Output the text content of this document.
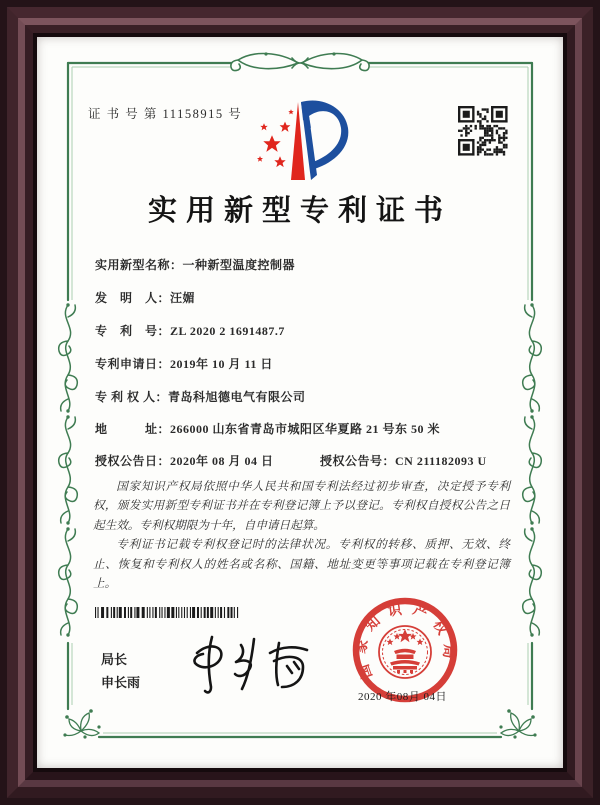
证 书 号 第 11158915 号
实用新型专利证书
实用新型名称：一种新型温度控制器
发　明　人：汪媚
专　利　号：ZL 2020 2 1691487.7
专利申请日：2019年 10 月 11 日
专 利 权 人：青岛科旭德电气有限公司
地　　　址：266000 山东省青岛市城阳区华夏路 21 号东 50 米
授权公告日：2020年 08 月 04 日	授权公告号：CN 211182093 U

国家知识产权局依照中华人民共和国专利法经过初步审查，决定授予专利权，颁发实用新型专利证书并在专利登记簿上予以登记。专利权自授权公告之日起生效。专利权期限为十年，自申请日起算。

专利证书记载专利权登记时的法律状况。专利权的转移、质押、无效、终止、恢复和专利权人的姓名或名称、国籍、地址变更等事项记载在专利登记簿上。

局长
申长雨
国家知识产权局
2020 年08月 04日
